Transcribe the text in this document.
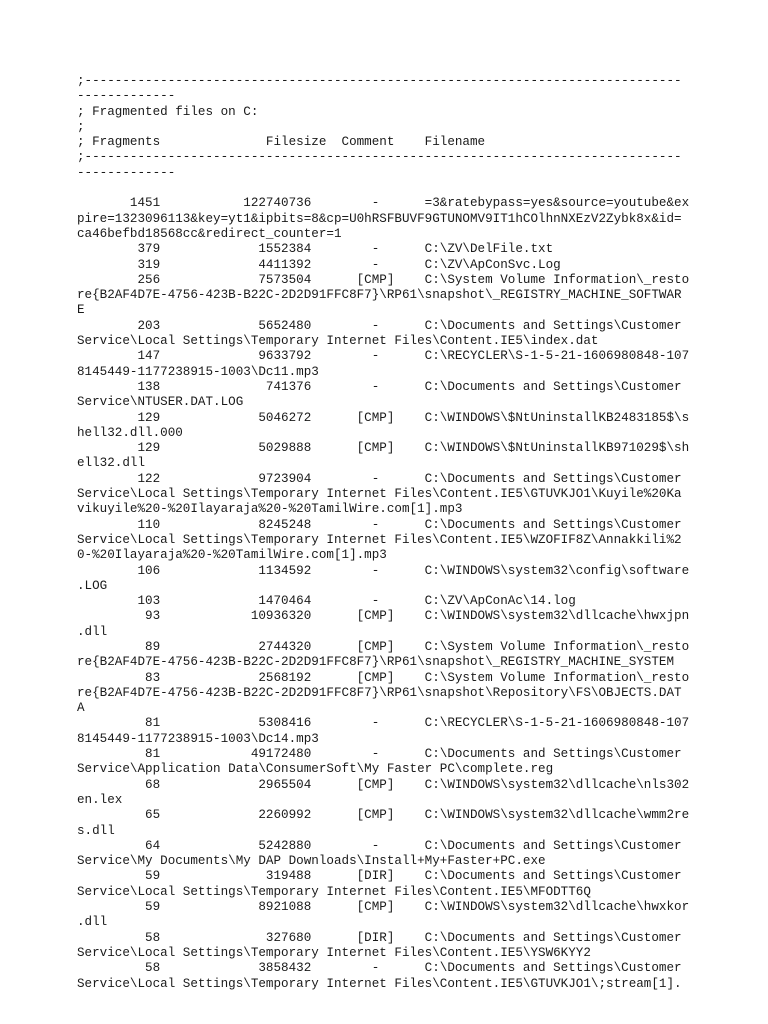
;-------------------------------------------------------------------------------
-------------
; Fragmented files on C:
;
; Fragments              Filesize  Comment    Filename
;-------------------------------------------------------------------------------
-------------
1451           122740736        -      =3&ratebypass=yes&source=youtube&ex
pire=1323096113&key=yt1&ipbits=8&cp=U0hRSFBUVF9GTUNOMV9IT1hCOlhnNXEzV2Zybk8x&id=
ca46befbd18568cc&redirect_counter=1
379             1552384        -      C:\ZV\DelFile.txt
319             4411392        -      C:\ZV\ApConSvc.Log
256             7573504      [CMP]    C:\System Volume Information\_resto
re{B2AF4D7E-4756-423B-B22C-2D2D91FFC8F7}\RP61\snapshot\_REGISTRY_MACHINE_SOFTWAR
E
203             5652480        -      C:\Documents and Settings\Customer
Service\Local Settings\Temporary Internet Files\Content.IE5\index.dat
147             9633792        -      C:\RECYCLER\S-1-5-21-1606980848-107
8145449-1177238915-1003\Dc11.mp3
138              741376        -      C:\Documents and Settings\Customer
Service\NTUSER.DAT.LOG
129             5046272      [CMP]    C:\WINDOWS\$NtUninstallKB2483185$\s
hell32.dll.000
129             5029888      [CMP]    C:\WINDOWS\$NtUninstallKB971029$\sh
ell32.dll
122             9723904        -      C:\Documents and Settings\Customer
Service\Local Settings\Temporary Internet Files\Content.IE5\GTUVKJO1\Kuyile%20Ka
vikuyile%20-%20Ilayaraja%20-%20TamilWire.com[1].mp3
110             8245248        -      C:\Documents and Settings\Customer
Service\Local Settings\Temporary Internet Files\Content.IE5\WZOFIF8Z\Annakkili%2
0-%20Ilayaraja%20-%20TamilWire.com[1].mp3
106             1134592        -      C:\WINDOWS\system32\config\software
.LOG
103             1470464        -      C:\ZV\ApConAc\14.log
93            10936320      [CMP]    C:\WINDOWS\system32\dllcache\hwxjpn
.dll
89             2744320      [CMP]    C:\System Volume Information\_resto
re{B2AF4D7E-4756-423B-B22C-2D2D91FFC8F7}\RP61\snapshot\_REGISTRY_MACHINE_SYSTEM
83             2568192      [CMP]    C:\System Volume Information\_resto
re{B2AF4D7E-4756-423B-B22C-2D2D91FFC8F7}\RP61\snapshot\Repository\FS\OBJECTS.DAT
A
81             5308416        -      C:\RECYCLER\S-1-5-21-1606980848-107
8145449-1177238915-1003\Dc14.mp3
81            49172480        -      C:\Documents and Settings\Customer
Service\Application Data\ConsumerSoft\My Faster PC\complete.reg
68             2965504      [CMP]    C:\WINDOWS\system32\dllcache\nls302
en.lex
65             2260992      [CMP]    C:\WINDOWS\system32\dllcache\wmm2re
s.dll
64             5242880        -      C:\Documents and Settings\Customer
Service\My Documents\My DAP Downloads\Install+My+Faster+PC.exe
59              319488      [DIR]    C:\Documents and Settings\Customer
Service\Local Settings\Temporary Internet Files\Content.IE5\MFODTT6Q
59             8921088      [CMP]    C:\WINDOWS\system32\dllcache\hwxkor
.dll
58              327680      [DIR]    C:\Documents and Settings\Customer
Service\Local Settings\Temporary Internet Files\Content.IE5\YSW6KYY2
58             3858432        -      C:\Documents and Settings\Customer
Service\Local Settings\Temporary Internet Files\Content.IE5\GTUVKJO1\;stream[1].
